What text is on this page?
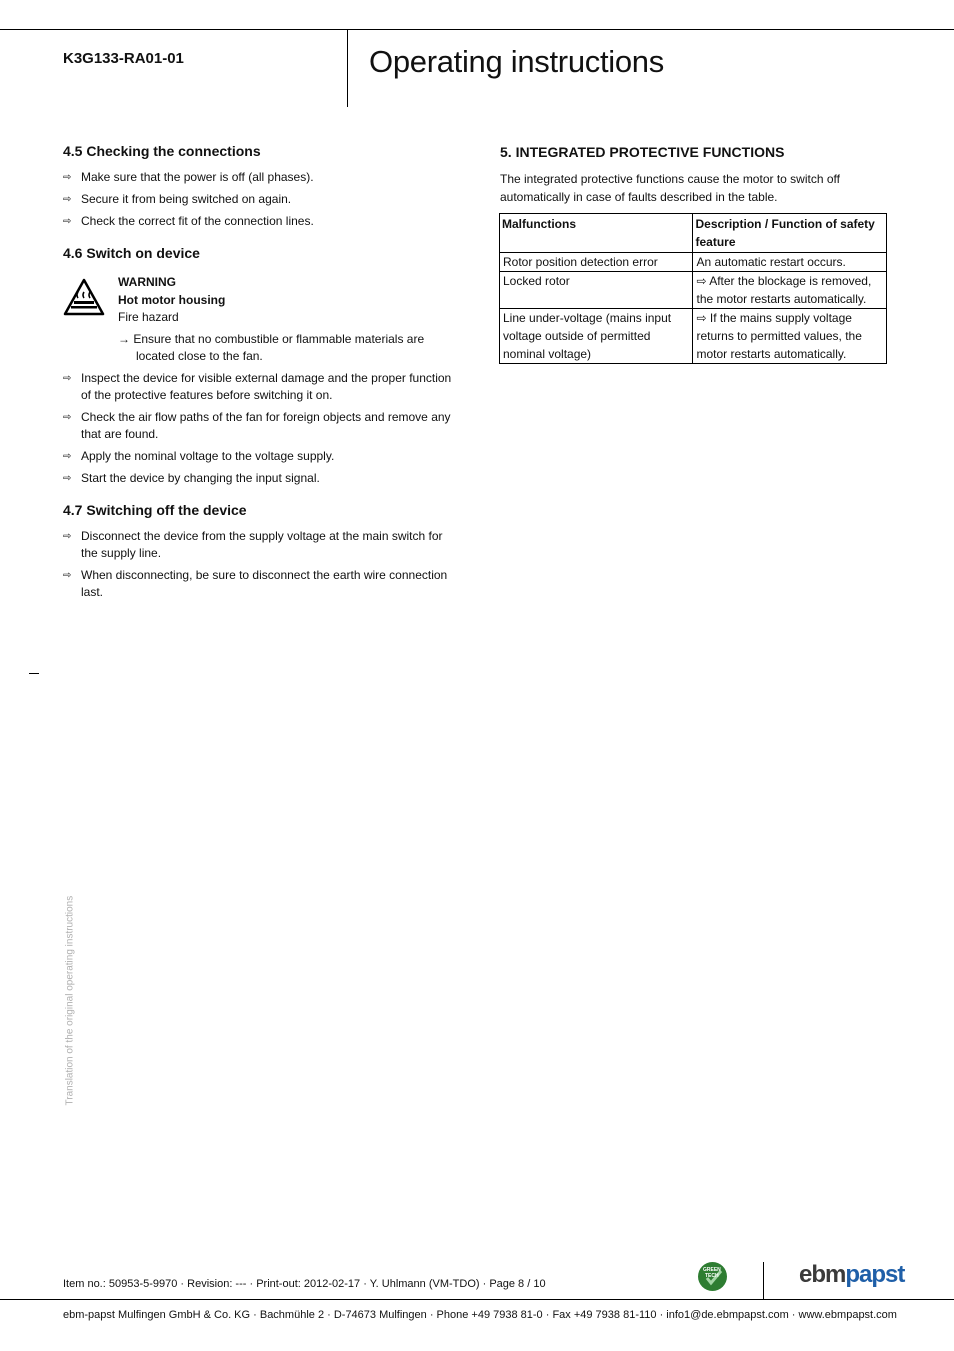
K3G133-RA01-01	Operating instructions
4.5 Checking the connections
⇨ Make sure that the power is off (all phases).
⇨ Secure it from being switched on again.
⇨ Check the correct fit of the connection lines.
4.6 Switch on device
WARNING
Hot motor housing
Fire hazard
→ Ensure that no combustible or flammable materials are
located close to the fan.
⇨ Inspect the device for visible external damage and the proper function
of the protective features before switching it on.
⇨ Check the air flow paths of the fan for foreign objects and remove any
that are found.
⇨ Apply the nominal voltage to the voltage supply.
⇨ Start the device by changing the input signal.
4.7 Switching off the device
⇨ Disconnect the device from the supply voltage at the main switch for
the supply line.
⇨ When disconnecting, be sure to disconnect the earth wire connection
last.
5. INTEGRATED PROTECTIVE FUNCTIONS
The integrated protective functions cause the motor to switch off
automatically in case of faults described in the table.
Malfunctions	Description / Function of safety feature
Rotor position detection error	An automatic restart occurs.
Locked rotor	⇨ After the blockage is removed, the motor restarts automatically.
Line under-voltage (mains input voltage outside of permitted nominal voltage)	⇨ If the mains supply voltage returns to permitted values, the motor restarts automatically.
Translation of the original operating instructions
Item no.: 50953-5-9970 · Revision: --- · Print-out: 2012-02-17 · Y. Uhlmann (VM-TDO) · Page 8 / 10
GREEN
TECH	ebmpapst
ebm-papst Mulfingen GmbH & Co. KG · Bachmühle 2 · D-74673 Mulfingen · Phone +49 7938 81-0 · Fax +49 7938 81-110 · info1@de.ebmpapst.com · www.ebmpapst.com
